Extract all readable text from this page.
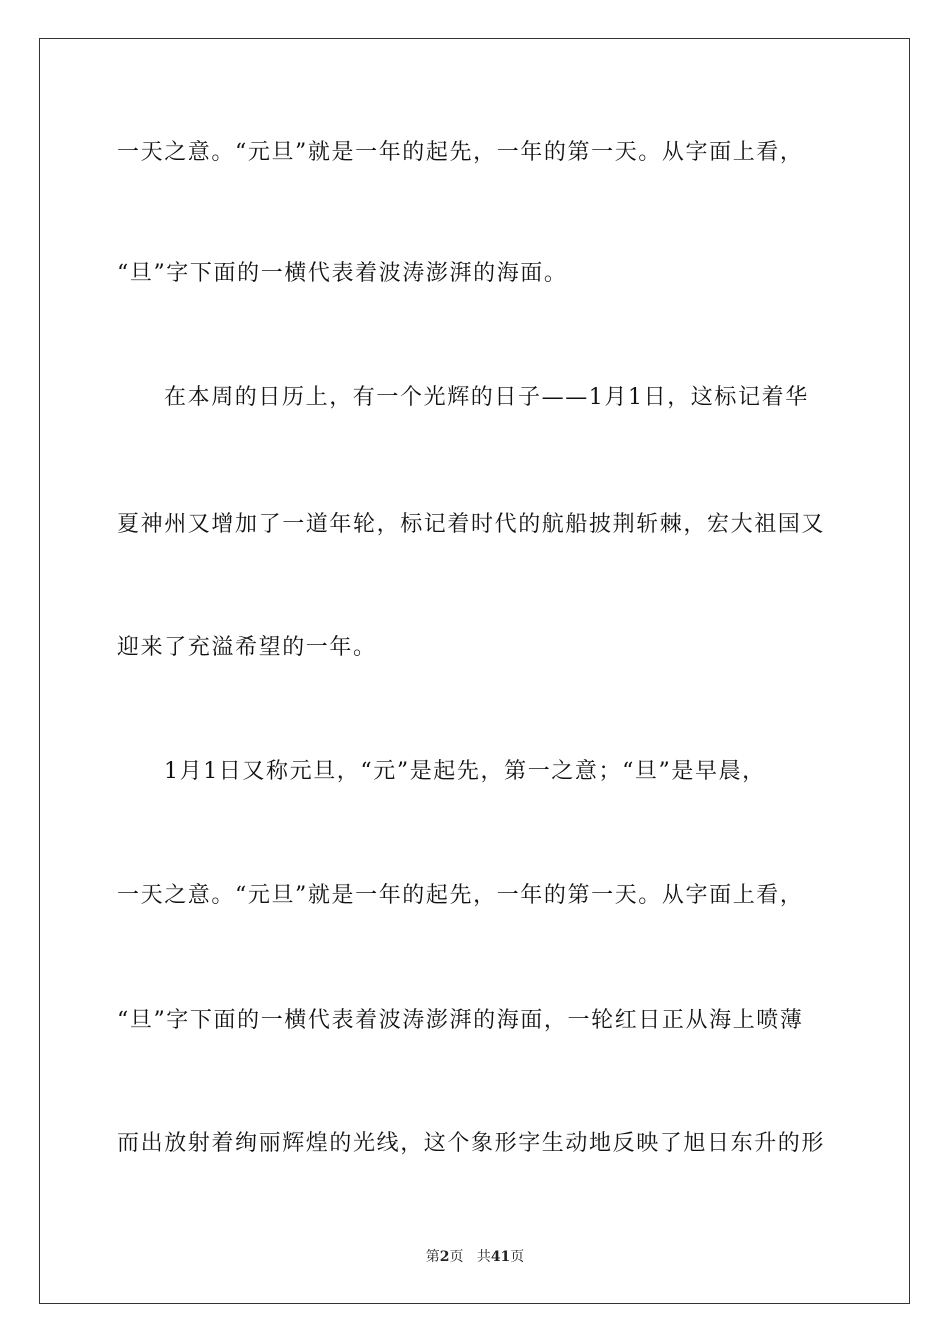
一天之意。“元旦”就是一年的起先，一年的第一天。从字面上看，
“旦”字下面的一横代表着波涛澎湃的海面。
在本周的日历上，有一个光辉的日子——1月1日，这标记着华
夏神州又增加了一道年轮，标记着时代的航船披荆斩棘，宏大祖国又
迎来了充溢希望的一年。
1月1日又称元旦，“元”是起先，第一之意；“旦”是早晨，
一天之意。“元旦”就是一年的起先，一年的第一天。从字面上看，
“旦”字下面的一横代表着波涛澎湃的海面，一轮红日正从海上喷薄
而出放射着绚丽辉煌的光线，这个象形字生动地反映了旭日东升的形
第2页 共41页
